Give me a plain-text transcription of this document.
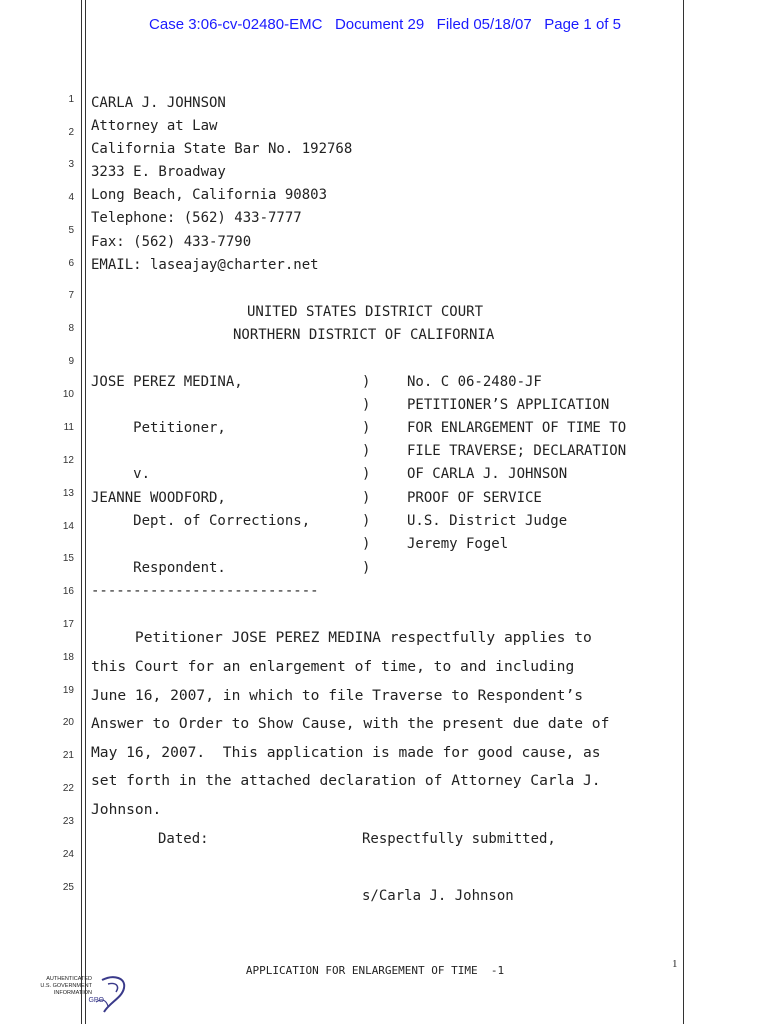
Case 3:06-cv-02480-EMC   Document 29   Filed 05/18/07   Page 1 of 5
1
2
3
4
5
6
7
8
9
10
11
12
13
14
15
16
17
18
19
20
21
22
23
24
25
CARLA J. JOHNSON
Attorney at Law
California State Bar No. 192768
3233 E. Broadway
Long Beach, California 90803
Telephone: (562) 433-7777
Fax: (562) 433-7790
EMAIL: laseajay@charter.net
UNITED STATES DISTRICT COURT
NORTHERN DISTRICT OF CALIFORNIA
JOSE PEREZ MEDINA,
Petitioner,
v.
JEANNE WOODFORD,
Dept. of Corrections,
Respondent.
)
)
)
)
)
)
)
)
)
No. C 06-2480-JF
PETITIONER’S APPLICATION
FOR ENLARGEMENT OF TIME TO
FILE TRAVERSE; DECLARATION
OF CARLA J. JOHNSON
PROOF OF SERVICE
U.S. District Judge
Jeremy Fogel
---------------------------
Petitioner JOSE PEREZ MEDINA respectfully applies to
this Court for an enlargement of time, to and including
June 16, 2007, in which to file Traverse to Respondent’s
Answer to Order to Show Cause, with the present due date of
May 16, 2007.  This application is made for good cause, as
set forth in the attached declaration of Attorney Carla J.
Johnson.
Dated:	Respectfully submitted,
s/Carla J. Johnson
APPLICATION FOR ENLARGEMENT OF TIME  -1	1
AUTHENTICATED
U.S. GOVERNMENT
INFORMATION
GPO
